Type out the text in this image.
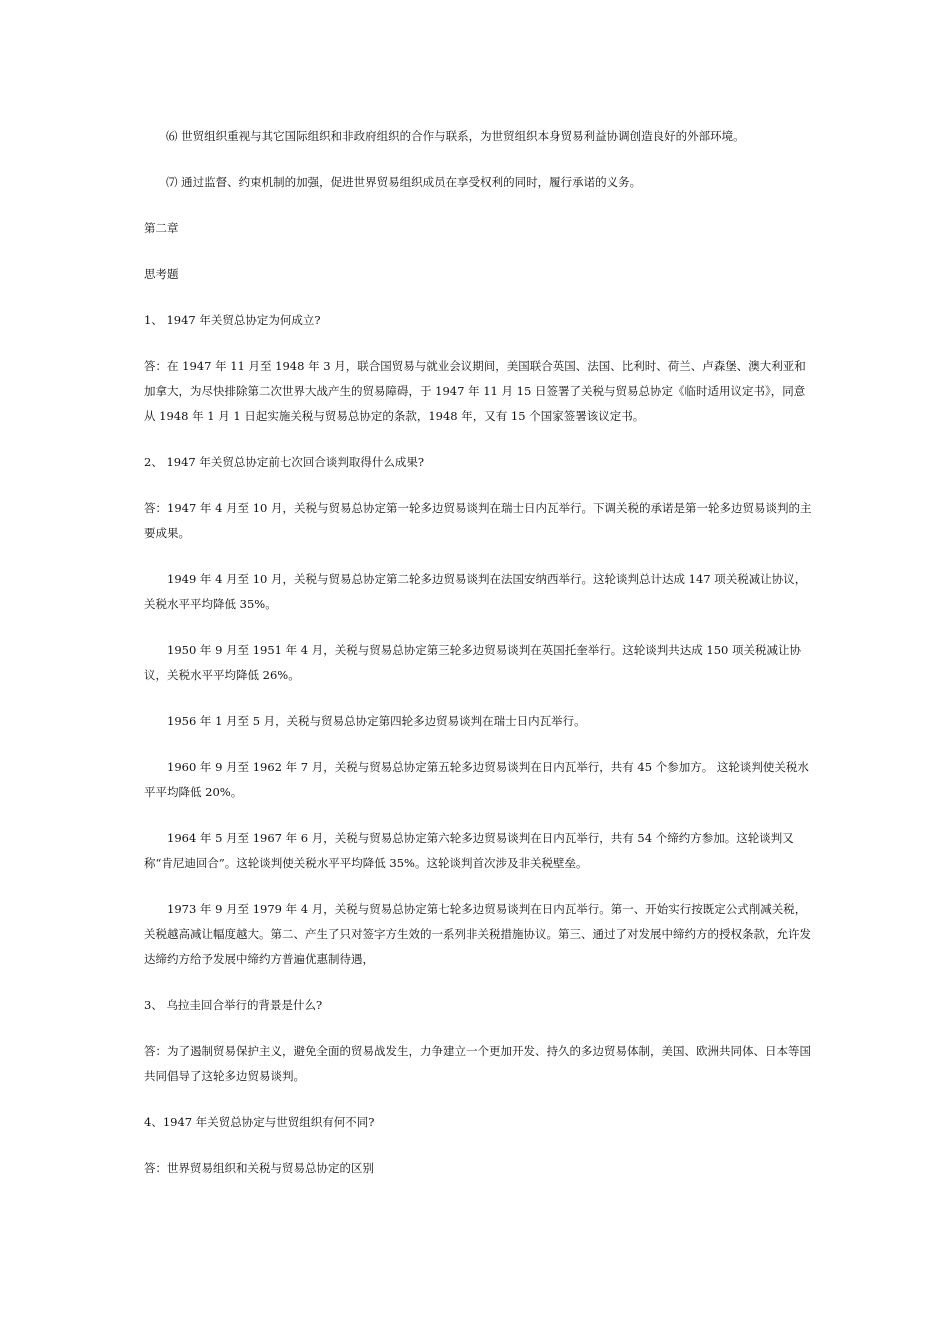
⑹ 世贸组织重视与其它国际组织和非政府组织的合作与联系，为世贸组织本身贸易利益协调创造良好的外部环境。

⑺ 通过监督、约束机制的加强，促进世界贸易组织成员在享受权利的同时，履行承诺的义务。

第二章

思考题

1、 1947 年关贸总协定为何成立?

答：在 1947 年 11 月至 1948 年 3 月，联合国贸易与就业会议期间，美国联合英国、法国、比利时、荷兰、卢森堡、澳大利亚和加拿大，为尽快排除第二次世界大战产生的贸易障碍，于 1947 年 11 月 15 日签署了关税与贸易总协定《临时适用议定书》，同意从 1948 年 1 月 1 日起实施关税与贸易总协定的条款，1948 年，又有 15 个国家签署该议定书。

2、 1947 年关贸总协定前七次回合谈判取得什么成果?

答：1947 年 4 月至 10 月，关税与贸易总协定第一轮多边贸易谈判在瑞士日内瓦举行。下调关税的承诺是第一轮多边贸易谈判的主要成果。

1949 年 4 月至 10 月，关税与贸易总协定第二轮多边贸易谈判在法国安纳西举行。这轮谈判总计达成 147 项关税减让协议，关税水平平均降低 35%。

1950 年 9 月至 1951 年 4 月，关税与贸易总协定第三轮多边贸易谈判在英国托奎举行。这轮谈判共达成 150 项关税减让协议，关税水平平均降低 26%。

1956 年 1 月至 5 月，关税与贸易总协定第四轮多边贸易谈判在瑞士日内瓦举行。

1960 年 9 月至 1962 年 7 月，关税与贸易总协定第五轮多边贸易谈判在日内瓦举行，共有 45 个参加方。 这轮谈判使关税水平平均降低 20%。

1964 年 5 月至 1967 年 6 月，关税与贸易总协定第六轮多边贸易谈判在日内瓦举行，共有 54 个缔约方参加。这轮谈判又称“肯尼迪回合”。这轮谈判使关税水平平均降低 35%。这轮谈判首次涉及非关税壁垒。

1973 年 9 月至 1979 年 4 月，关税与贸易总协定第七轮多边贸易谈判在日内瓦举行。第一、开始实行按既定公式削减关税，关税越高减让幅度越大。第二、产生了只对签字方生效的一系列非关税措施协议。第三、通过了对发展中缔约方的授权条款，允许发达缔约方给予发展中缔约方普遍优惠制待遇，

3、 乌拉圭回合举行的背景是什么?

答：为了遏制贸易保护主义，避免全面的贸易战发生，力争建立一个更加开发、持久的多边贸易体制，美国、欧洲共同体、日本等国共同倡导了这轮多边贸易谈判。

4、1947 年关贸总协定与世贸组织有何不同?

答：世界贸易组织和关税与贸易总协定的区别
